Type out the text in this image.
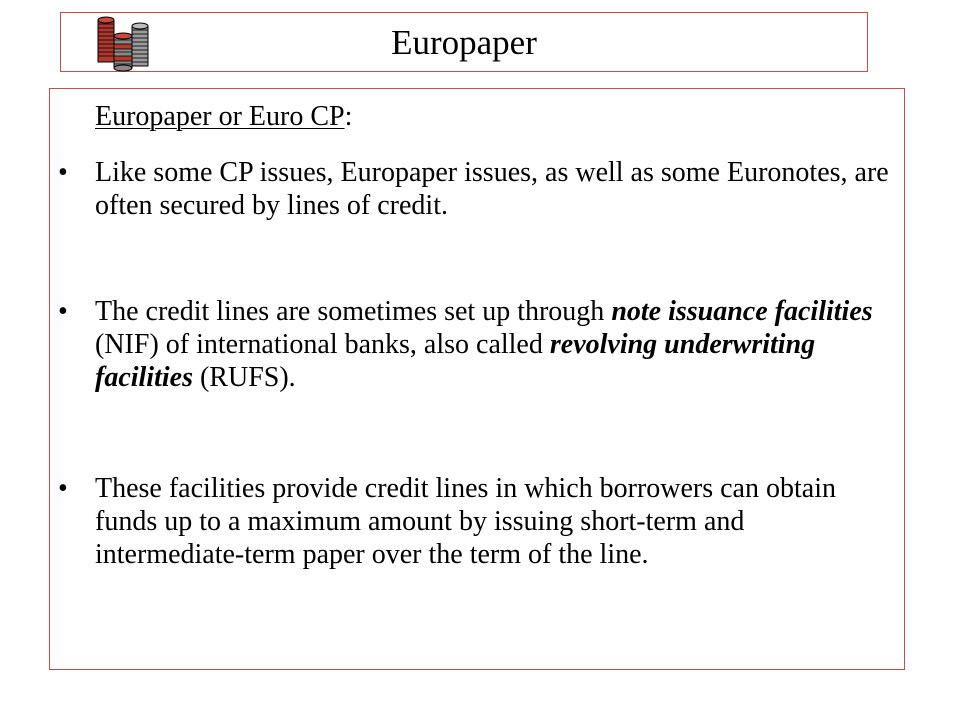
Europaper
Europaper or Euro CP:
• Like some CP issues, Europaper issues, as well as some Euronotes, are often secured by lines of credit.
• The credit lines are sometimes set up through note issuance facilities (NIF) of international banks, also called revolving underwriting facilities (RUFS).
• These facilities provide credit lines in which borrowers can obtain funds up to a maximum amount by issuing short-term and intermediate-term paper over the term of the line.
